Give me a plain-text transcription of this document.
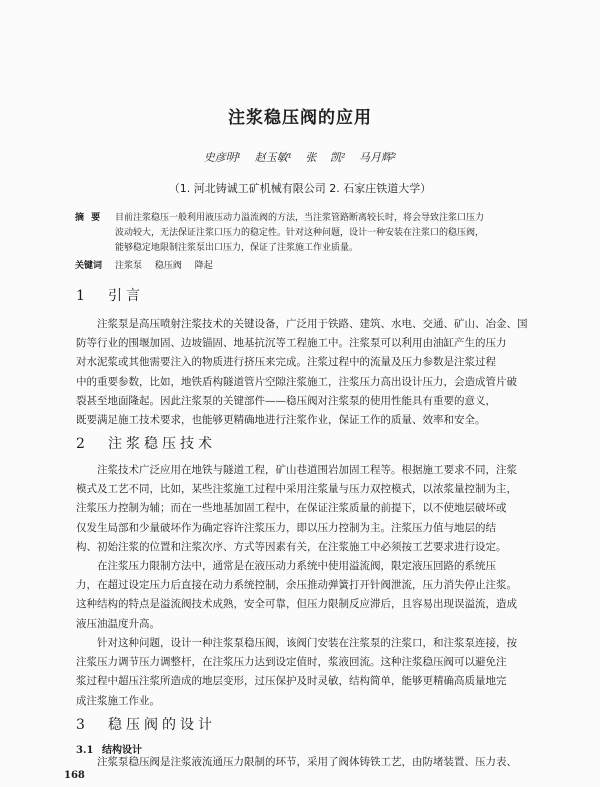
注浆稳压阀的应用
史彦明¹ 赵玉敏¹ 张 凯² 马月辉²
（1. 河北铸诚工矿机械有限公司 2. 石家庄铁道大学）
摘 要 目前注浆稳压一般利用液压动力溢流阀的方法，当注浆管路断离较长时，将会导致注浆口压力
波动较大，无法保证注浆口压力的稳定性。针对这种问题，设计一种安装在注浆口的稳压阀，
能够稳定地限制注浆泵出口压力，保证了注浆施工作业质量。
关键词 注浆泵 稳压阀 降起
1 引言
注浆泵是高压喷射注浆技术的关键设备，广泛用于铁路、建筑、水电、交通、矿山、冶金、国
防等行业的围堰加固、边坡锚固、地基抗沉等工程施工中。注浆泵可以利用由油缸产生的压力
对水泥浆或其他需要注入的物质进行挤压来完成。注浆过程中的流量及压力参数是注浆过程
中的重要参数，比如，地铁盾构隧道管片空隙注浆施工，注浆压力高出设计压力，会造成管片破
裂甚至地面隆起。因此注浆泵的关键部件——稳压阀对注浆泵的使用性能具有重要的意义，
既要满足施工技术要求，也能够更精确地进行注浆作业，保证工作的质量、效率和安全。
2 注浆稳压技术
注浆技术广泛应用在地铁与隧道工程，矿山巷道围岩加固工程等。根据施工要求不同，注浆
模式及工艺不同，比如，某些注浆施工过程中采用注浆量与压力双控模式，以浓浆量控制为主，
注浆压力控制为辅；而在一些地基加固工程中，在保证注浆质量的前提下，以不使地层破坏或
仅发生局部和少量破坏作为确定容许注浆压力，即以压力控制为主。注浆压力值与地层的结
构、初始注浆的位置和注浆次序、方式等因素有关，在注浆施工中必须按工艺要求进行设定。
在注浆压力限制方法中，通常是在液压动力系统中使用溢流阀，限定液压回路的系统压
力，在超过设定压力后直接在动力系统控制，余压推动弹簧打开针阀泄流，压力消失停止注浆。
这种结构的特点是溢流阀技术成熟，安全可靠，但压力限制反应滞后，且容易出现误溢流，造成
液压油温度升高。
针对这种问题，设计一种注浆泵稳压阀，该阀门安装在注浆泵的注浆口，和注浆泵连接，按
注浆压力调节压力调整杆，在注浆压力达到设定值时，浆液回流。这种注浆稳压阀可以避免注
浆过程中超压注浆所造成的地层变形，过压保护及时灵敏，结构简单，能够更精确高质量地完
成注浆施工作业。
3 稳压阀的设计
3.1 结构设计
注浆泵稳压阀是注浆液流通压力限制的环节，采用了阀体铸铁工艺，由防堵装置、压力表、
168
